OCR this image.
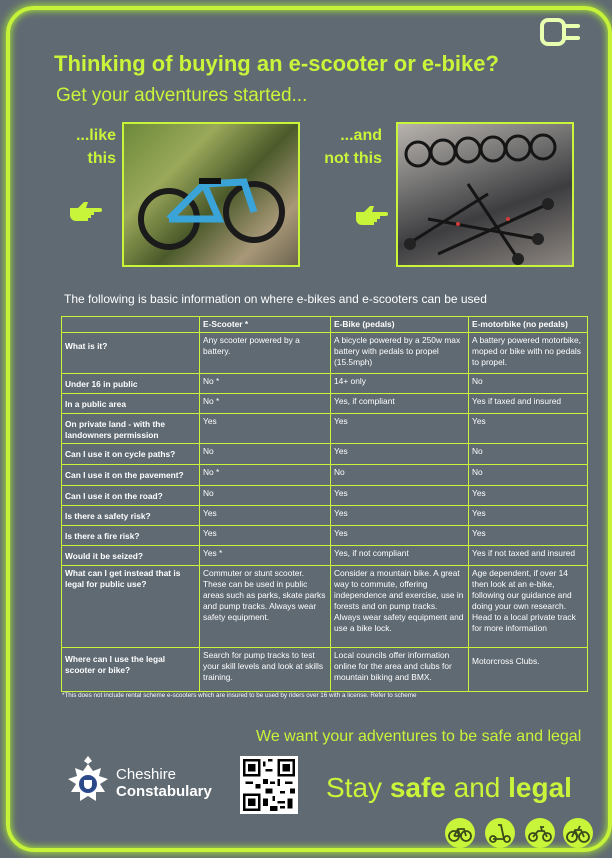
Thinking of buying an e-scooter or e-bike?
Get your adventures started...
...like
this
...and
not this
The following is basic information on where e-bikes and e-scooters can be used
	E-Scooter *	E-Bike (pedals)	E-motorbike (no pedals)
What is it?	Any scooter powered by a battery.	A bicycle powered by a 250w max battery with pedals to propel (15.5mph)	A battery powered motorbike, moped or bike with no pedals to propel.
Under 16 in public	No *	14+ only	No
In a public area	No *	Yes, if compliant	Yes if taxed and insured
On private land - with the landowners permission	Yes	Yes	Yes
Can I use it on cycle paths?	No	Yes	No
Can I use it on the pavement?	No *	No	No
Can I use it on the road?	No	Yes	Yes
Is there a safety risk?	Yes	Yes	Yes
Is there a fire risk?	Yes	Yes	Yes
Would it be seized?	Yes *	Yes, if not compliant	Yes if not taxed and insured
What can I get instead that is legal for public use?	Commuter or stunt scooter. These can be used in public areas such as parks, skate parks and pump tracks. Always wear safety equipment.	Consider a mountain bike. A great way to commute, offering independence and exercise, use in forests and on pump tracks. Always wear safety equipment and use a bike lock.	Age dependent, if over 14 then look at an e-bike, following our guidance and doing your own research. Head to a local private track for more information
Where can I use the legal scooter or bike?	Search for pump tracks to test your skill levels and look at skills training.	Local councils offer information online for the area and clubs for mountain biking and BMX.	Motorcross Clubs.
*This does not include rental scheme e-scooters which are insured to be used by riders over 16 with a license. Refer to scheme
We want your adventures to be safe and legal
Cheshire
Constabulary	Stay safe and legal
